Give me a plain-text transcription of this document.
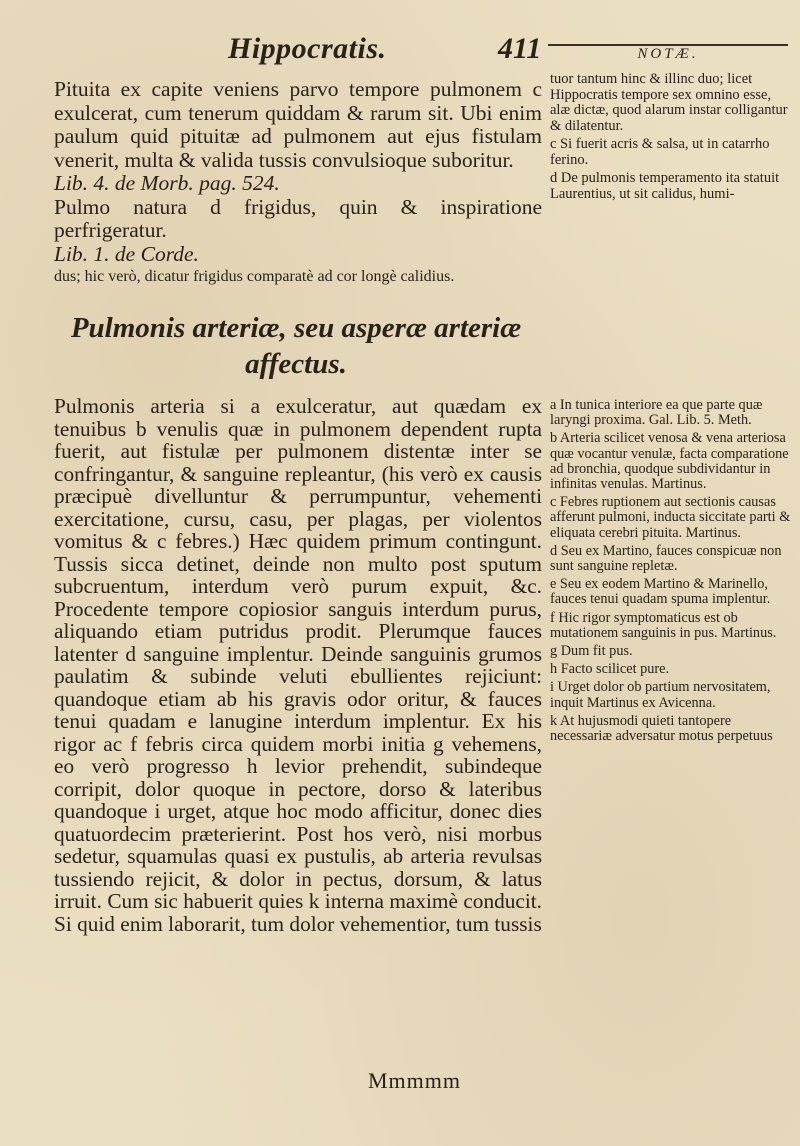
Hippocratis.	411	NOTÆ.

Pituita ex capite veniens parvo tempore pulmonem c exulcerat, cum tenerum quiddam & rarum sit. Ubi enim paulum quid pituitæ ad pulmonem aut ejus fistulam venerit, multa & valida tussis convulsioque suboritur.

Lib. 4. de Morb. pag. 524.

Pulmo natura d frigidus, quin & inspiratione perfrigeratur.

Lib. 1. de Corde.

dus; hic verò, dicatur frigidus comparatè ad cor longè calidius.

Pulmonis arteriæ, seu asperæ arteriæ affectus.
Pulmonis arteria si a exulceratur, aut quædam ex tenuibus b venulis quæ in pulmonem dependent rupta fuerit, aut fistulæ per pulmonem distentæ inter se confringantur, & sanguine repleantur, (his verò ex causis præcipuè divelluntur & perrumpuntur, vehementi exercitatione, cursu, casu, per plagas, per violentos vomitus & c febres.) Hæc quidem primum contingunt. Tussis sicca detinet, deinde non multo post sputum subcruentum, interdum verò purum expuit, &c. Procedente tempore copiosior sanguis interdum purus, aliquando etiam putridus prodit. Plerumque fauces latenter d sanguine implentur. Deinde sanguinis grumos paulatim & subinde veluti ebullientes rejiciunt: quandoque etiam ab his gravis odor oritur, & fauces tenui quadam e lanugine interdum implentur. Ex his rigor ac f febris circa quidem morbi initia g vehemens, eo verò progresso h levior prehendit, subindeque corripit, dolor quoque in pectore, dorso & lateribus quandoque i urget, atque hoc modo afficitur, donec dies quatuordecim præterierint. Post hos verò, nisi morbus sedetur, squamulas quasi ex pustulis, ab arteria revulsas tussiendo rejicit, & dolor in pectus, dorsum, & latus irruit. Cum sic habuerit quies k interna maximè conducit. Si quid enim laborarit, tum dolor vehementior, tum tussis

tuor tantum hinc & illinc duo; licet Hippocratis tempore sex omnino esse, alæ dictæ, quod alarum instar colligantur & dilatentur.

c Si fuerit acris & salsa, ut in catarrho ferino.

d De pulmonis temperamento ita statuit Laurentius, ut sit calidus, humi-

a In tunica interiore ea que parte quæ laryngi proxima. Gal. Lib. 5. Meth.

b Arteria scilicet venosa & vena arteriosa quæ vocantur venulæ, facta comparatione ad bronchia, quodque subdividantur in infinitas venulas. Martinus.

c Febres ruptionem aut sectionis causas afferunt pulmoni, inducta siccitate parti & eliquata cerebri pituita. Martinus.

d Seu ex Martino, fauces conspicuæ non sunt sanguine repletæ.

e Seu ex eodem Martino & Marinello, fauces tenui quadam spuma implentur.

f Hic rigor symptomaticus est ob mutationem sanguinis in pus. Martinus.

g Dum fit pus.

h Facto scilicet pure.

i Urget dolor ob partium nervositatem, inquit Martinus ex Avicenna.

k At hujusmodi quieti tantopere necessariæ adversatur motus perpetuus

Mmmmm
